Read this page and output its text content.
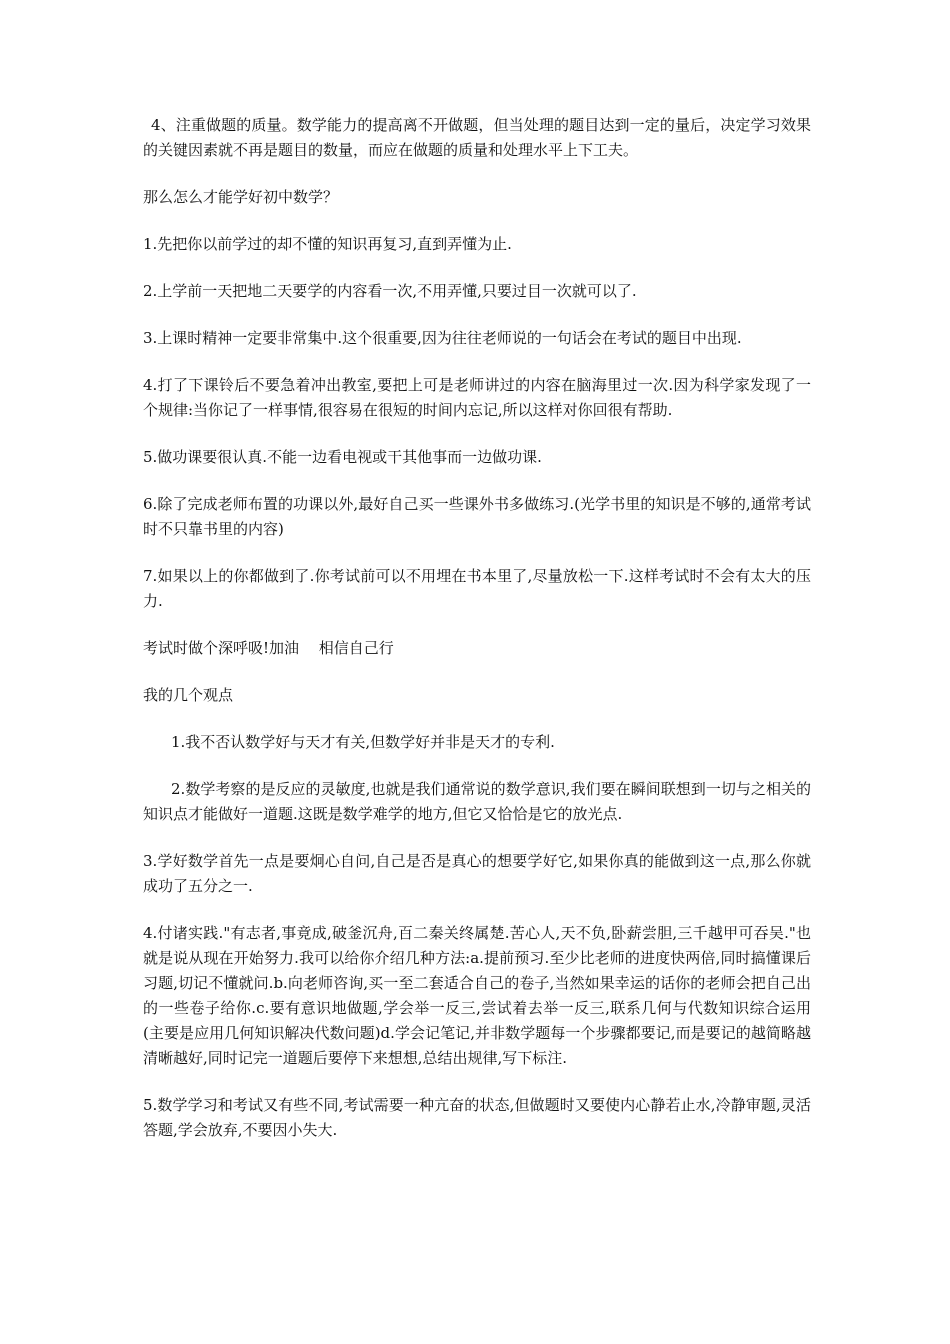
4、注重做题的质量。数学能力的提高离不开做题，但当处理的题目达到一定的量后，决定学习效果的关键因素就不再是题目的数量，而应在做题的质量和处理水平上下工夫。

那么怎么才能学好初中数学？

1.先把你以前学过的却不懂的知识再复习,直到弄懂为止.

2.上学前一天把地二天要学的内容看一次,不用弄懂,只要过目一次就可以了.

3.上课时精神一定要非常集中.这个很重要,因为往往老师说的一句话会在考试的题目中出现.

4.打了下课铃后不要急着冲出教室,要把上可是老师讲过的内容在脑海里过一次.因为科学家发现了一个规律:当你记了一样事情,很容易在很短的时间内忘记,所以这样对你回很有帮助.

5.做功课要很认真.不能一边看电视或干其他事而一边做功课.

6.除了完成老师布置的功课以外,最好自己买一些课外书多做练习.(光学书里的知识是不够的,通常考试时不只靠书里的内容)

7.如果以上的你都做到了.你考试前可以不用埋在书本里了,尽量放松一下.这样考试时不会有太大的压力.

考试时做个深呼吸!加油　 相信自己行

我的几个观点

1.我不否认数学好与天才有关,但数学好并非是天才的专利.

2.数学考察的是反应的灵敏度,也就是我们通常说的数学意识,我们要在瞬间联想到一切与之相关的知识点才能做好一道题.这既是数学难学的地方,但它又恰恰是它的放光点.

3.学好数学首先一点是要炯心自问,自己是否是真心的想要学好它,如果你真的能做到这一点,那么你就成功了五分之一.

4.付诸实践."有志者,事竟成,破釜沉舟,百二秦关终属楚.苦心人,天不负,卧薪尝胆,三千越甲可吞吴."也就是说从现在开始努力.我可以给你介绍几种方法:a.提前预习.至少比老师的进度快两倍,同时搞懂课后习题,切记不懂就问.b.向老师咨询,买一至二套适合自己的卷子,当然如果幸运的话你的老师会把自己出的一些卷子给你.c.要有意识地做题,学会举一反三,尝试着去举一反三,联系几何与代数知识综合运用(主要是应用几何知识解决代数问题)d.学会记笔记,并非数学题每一个步骤都要记,而是要记的越简略越清晰越好,同时记完一道题后要停下来想想,总结出规律,写下标注.

5.数学学习和考试又有些不同,考试需要一种亢奋的状态,但做题时又要使内心静若止水,冷静审题,灵活答题,学会放弃,不要因小失大.
